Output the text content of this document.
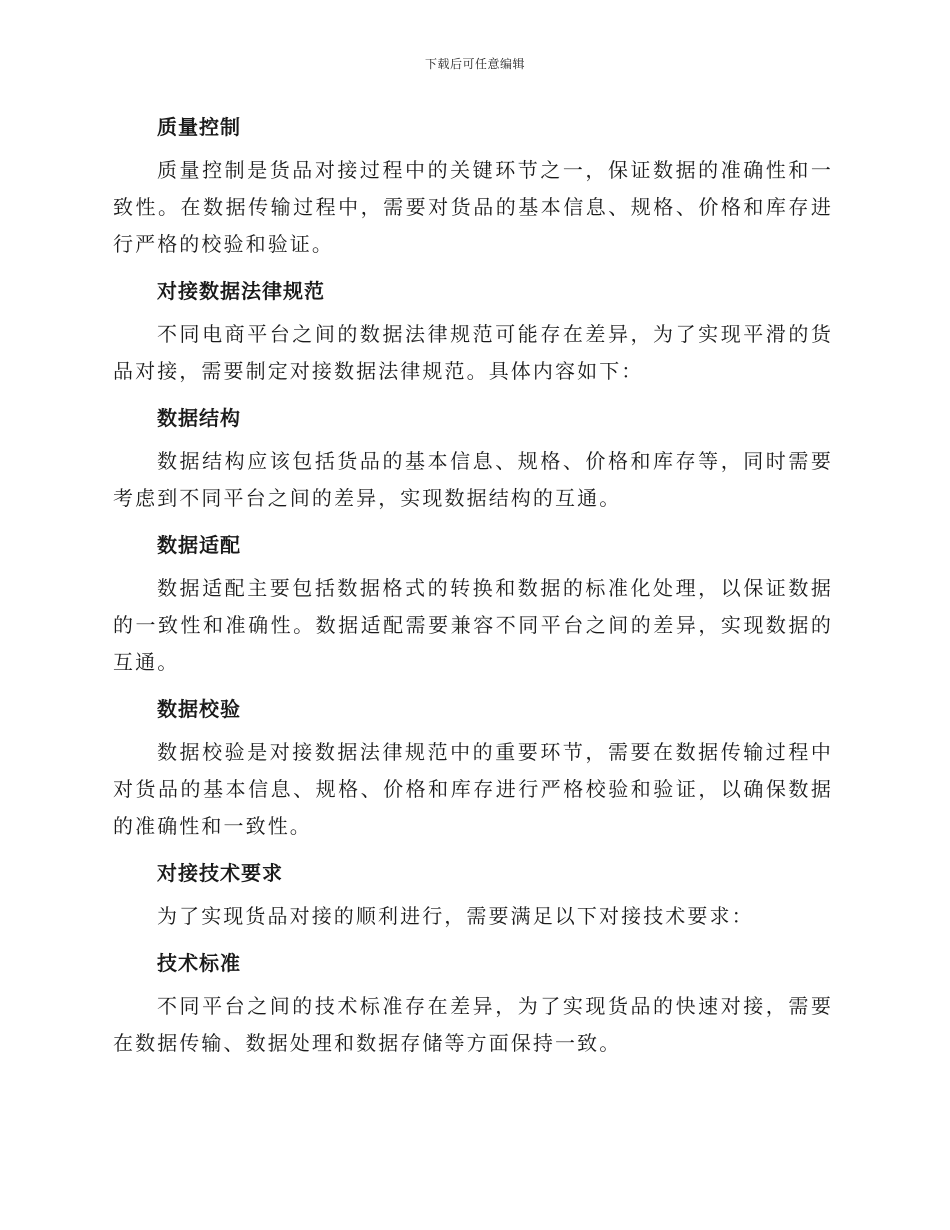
下载后可任意编辑
质量控制

质量控制是货品对接过程中的关键环节之一，保证数据的准确性和一致性。在数据传输过程中，需要对货品的基本信息、规格、价格和库存进行严格的校验和验证。

对接数据法律规范

不同电商平台之间的数据法律规范可能存在差异，为了实现平滑的货品对接，需要制定对接数据法律规范。具体内容如下：

数据结构

数据结构应该包括货品的基本信息、规格、价格和库存等，同时需要考虑到不同平台之间的差异，实现数据结构的互通。

数据适配

数据适配主要包括数据格式的转换和数据的标准化处理，以保证数据的一致性和准确性。数据适配需要兼容不同平台之间的差异，实现数据的互通。

数据校验

数据校验是对接数据法律规范中的重要环节，需要在数据传输过程中对货品的基本信息、规格、价格和库存进行严格校验和验证，以确保数据的准确性和一致性。

对接技术要求

为了实现货品对接的顺利进行，需要满足以下对接技术要求：

技术标准

不同平台之间的技术标准存在差异，为了实现货品的快速对接，需要在数据传输、数据处理和数据存储等方面保持一致。
